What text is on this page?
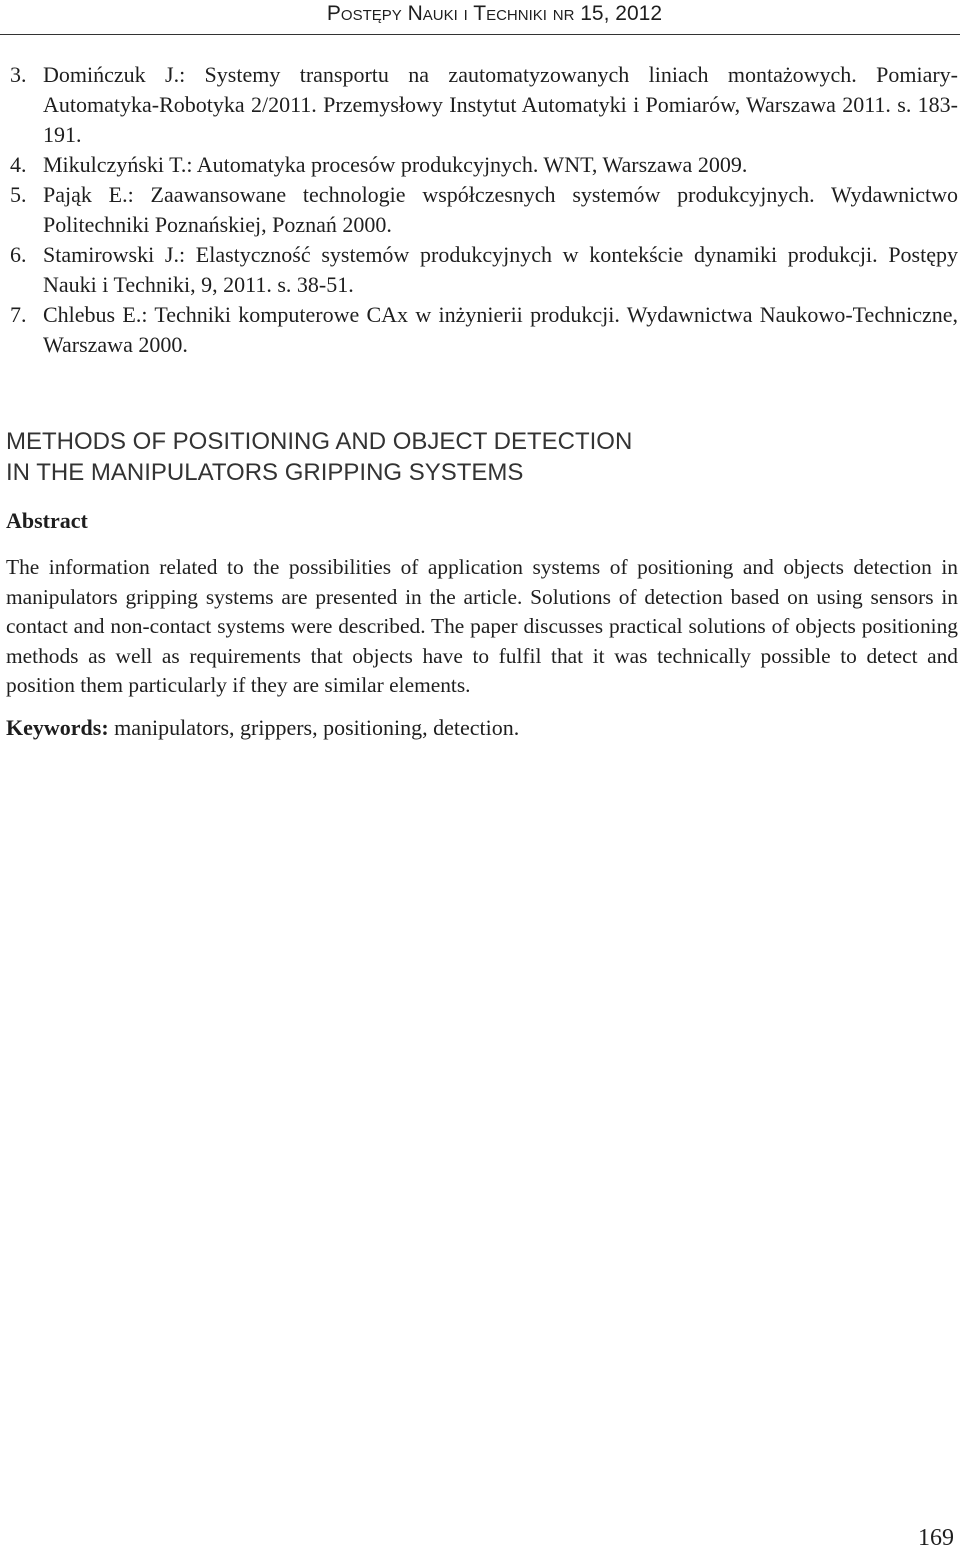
Postępy Nauki i Techniki nr 15, 2012
3. Domińczuk J.: Systemy transportu na zautomatyzowanych liniach montażowych. Pomiary-Automatyka-Robotyka 2/2011. Przemysłowy Instytut Automatyki i Pomiarów, Warszawa 2011. s. 183-191.
4. Mikulczyński T.: Automatyka procesów produkcyjnych. WNT, Warszawa 2009.
5. Pająk E.: Zaawansowane technologie współczesnych systemów produkcyjnych. Wydawnictwo Politechniki Poznańskiej, Poznań 2000.
6. Stamirowski J.: Elastyczność systemów produkcyjnych w kontekście dynamiki produkcji. Postępy Nauki i Techniki, 9, 2011. s. 38-51.
7. Chlebus E.: Techniki komputerowe CAx w inżynierii produkcji. Wydawnictwa Naukowo-Techniczne, Warszawa 2000.
METHODS OF POSITIONING AND OBJECT DETECTION
IN THE MANIPULATORS GRIPPING SYSTEMS
Abstract

The information related to the possibilities of application systems of positioning and objects detection in manipulators gripping systems are presented in the article. Solutions of detection based on using sensors in contact and non-contact systems were described. The paper discusses practical solutions of objects positioning methods as well as requirements that objects have to fulfil that it was technically possible to detect and position them particularly if they are similar elements.

Keywords: manipulators, grippers, positioning, detection.
169
